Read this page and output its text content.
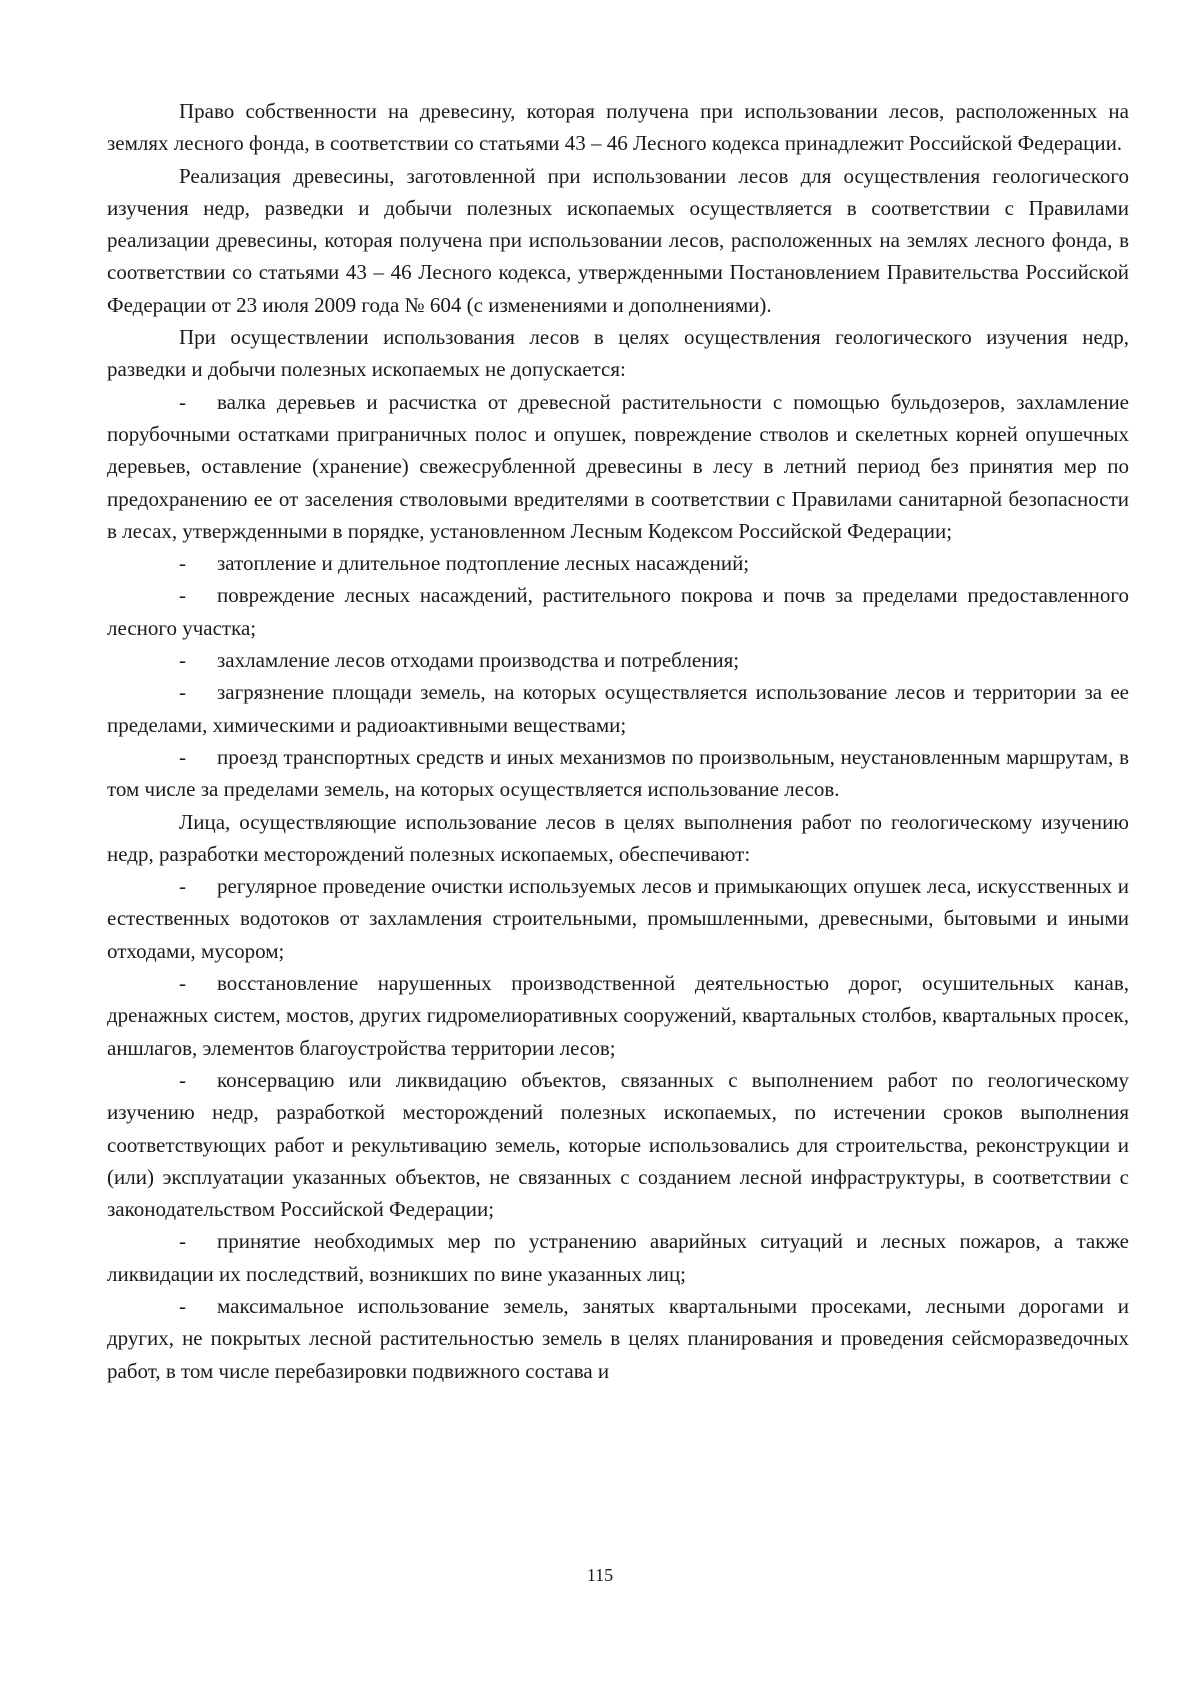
Право собственности на древесину, которая получена при использовании лесов, расположенных на землях лесного фонда, в соответствии со статьями 43 – 46 Лесного кодекса принадлежит Российской Федерации.

Реализация древесины, заготовленной при использовании лесов для осуществления геологического изучения недр, разведки и добычи полезных ископаемых осуществляется в соответствии с Правилами реализации древесины, которая получена при использовании лесов, расположенных на землях лесного фонда, в соответствии со статьями 43 – 46 Лесного кодекса, утвержденными Постановлением Правительства Российской Федерации от 23 июля 2009 года № 604 (с изменениями и дополнениями).

При осуществлении использования лесов в целях осуществления геологического изучения недр, разведки и добычи полезных ископаемых не допускается:

- валка деревьев и расчистка от древесной растительности с помощью бульдозеров, захламление порубочными остатками приграничных полос и опушек, повреждение стволов и скелетных корней опушечных деревьев, оставление (хранение) свежесрубленной древесины в лесу в летний период без принятия мер по предохранению ее от заселения стволовыми вредителями в соответствии с Правилами санитарной безопасности в лесах, утвержденными в порядке, установленном Лесным Кодексом Российской Федерации;

- затопление и длительное подтопление лесных насаждений;

- повреждение лесных насаждений, растительного покрова и почв за пределами предоставленного лесного участка;

- захламление лесов отходами производства и потребления;

- загрязнение площади земель, на которых осуществляется использование лесов и территории за ее пределами, химическими и радиоактивными веществами;

- проезд транспортных средств и иных механизмов по произвольным, неустановленным маршрутам, в том числе за пределами земель, на которых осуществляется использование лесов.

Лица, осуществляющие использование лесов в целях выполнения работ по геологическому изучению недр, разработки месторождений полезных ископаемых, обеспечивают:

- регулярное проведение очистки используемых лесов и примыкающих опушек леса, искусственных и естественных водотоков от захламления строительными, промышленными, древесными, бытовыми и иными отходами, мусором;

- восстановление нарушенных производственной деятельностью дорог, осушительных канав, дренажных систем, мостов, других гидромелиоративных сооружений, квартальных столбов, квартальных просек, аншлагов, элементов благоустройства территории лесов;

- консервацию или ликвидацию объектов, связанных с выполнением работ по геологическому изучению недр, разработкой месторождений полезных ископаемых, по истечении сроков выполнения соответствующих работ и рекультивацию земель, которые использовались для строительства, реконструкции и (или) эксплуатации указанных объектов, не связанных с созданием лесной инфраструктуры, в соответствии с законодательством Российской Федерации;

- принятие необходимых мер по устранению аварийных ситуаций и лесных пожаров, а также ликвидации их последствий, возникших по вине указанных лиц;

- максимальное использование земель, занятых квартальными просеками, лесными дорогами и других, не покрытых лесной растительностью земель в целях планирования и проведения сейсморазведочных работ, в том числе перебазировки подвижного состава и

115
